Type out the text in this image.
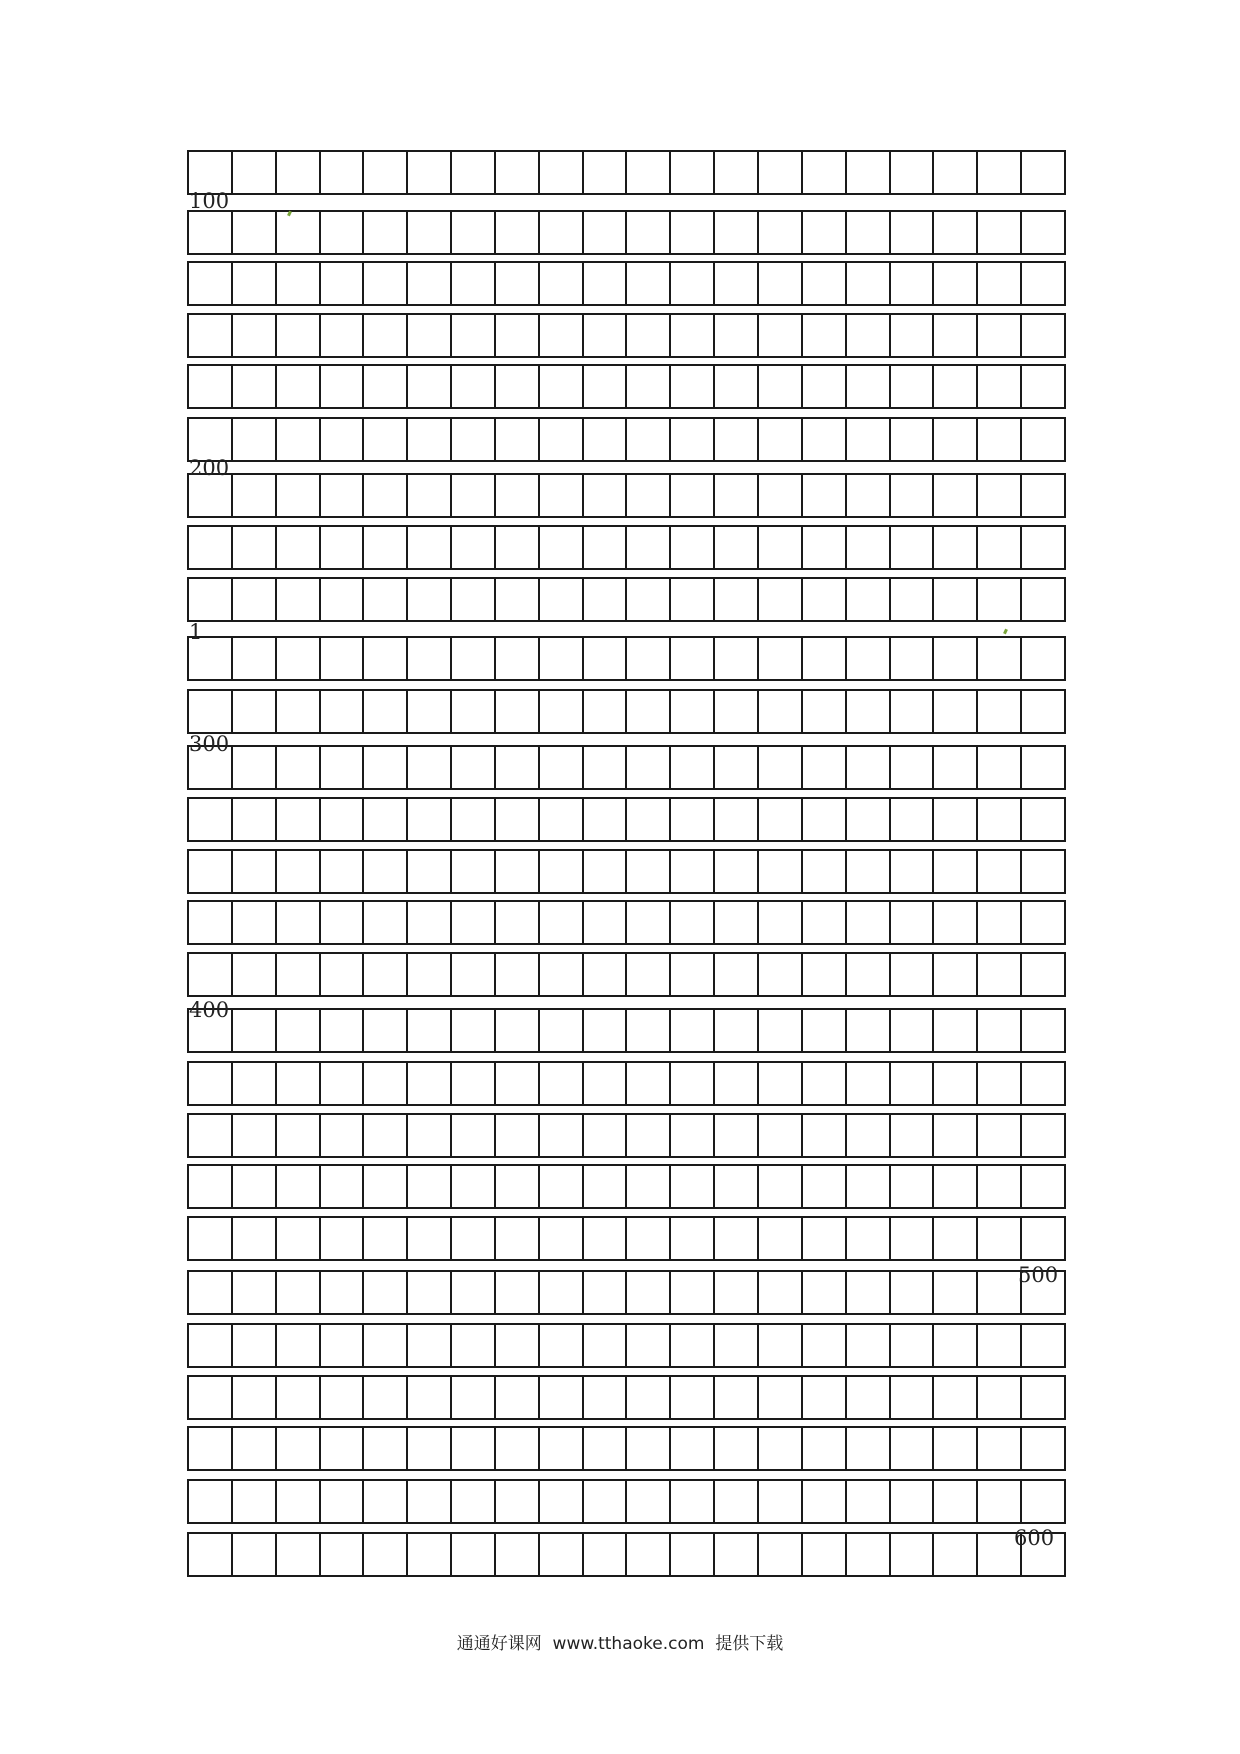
100
200
1
300
400
500
600
通通好课网  www.tthaoke.com  提供下载
